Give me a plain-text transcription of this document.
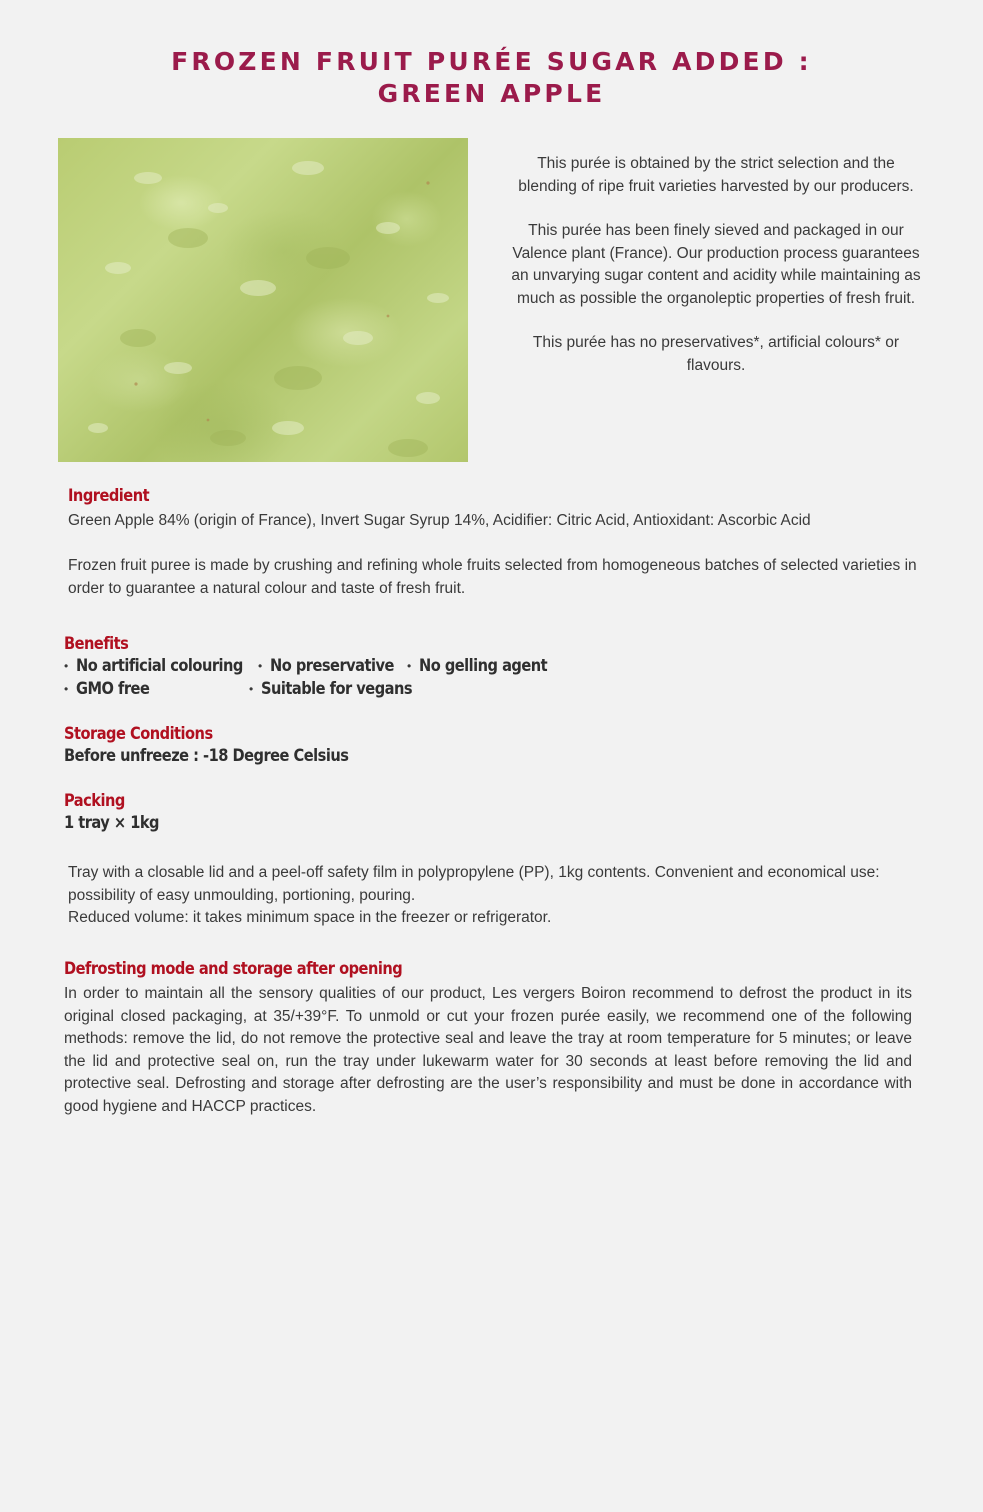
FROZEN FRUIT PURÉE SUGAR ADDED :
GREEN APPLE

This purée is obtained by the strict selection and the blending of ripe fruit varieties harvested by our producers.

This purée has been finely sieved and packaged in our Valence plant (France). Our production process guarantees an unvarying sugar content and acidity while maintaining as much as possible the organoleptic properties of fresh fruit.

This purée has no preservatives*, artificial colours* or flavours.

Ingredient
Green Apple 84% (origin of France), Invert Sugar Syrup 14%, Acidifier: Citric Acid, Antioxidant: Ascorbic Acid
Frozen fruit puree is made by crushing and refining whole fruits selected from homogeneous batches of selected varieties in order to guarantee a natural colour and taste of fresh fruit.
Benefits
• No artificial colouring • No preservative • No gelling agent
• GMO free	• Suitable for vegans
Storage Conditions
Before unfreeze : -18 Degree Celsius
Packing
1 tray × 1kg

Tray with a closable lid and a peel-off safety film in polypropylene (PP), 1kg contents. Convenient and economical use: possibility of easy unmoulding, portioning, pouring.

Reduced volume: it takes minimum space in the freezer or refrigerator.

Defrosting mode and storage after opening
In order to maintain all the sensory qualities of our product, Les vergers Boiron recommend to defrost the product in its original closed packaging, at 35/+39°F. To unmold or cut your frozen purée easily, we recommend one of the following methods: remove the lid, do not remove the protective seal and leave the tray at room temperature for 5 minutes; or leave the lid and protective seal on, run the tray under lukewarm water for 30 seconds at least before removing the lid and protective seal. Defrosting and storage after defrosting are the user’s responsibility and must be done in accordance with good hygiene and HACCP practices.
